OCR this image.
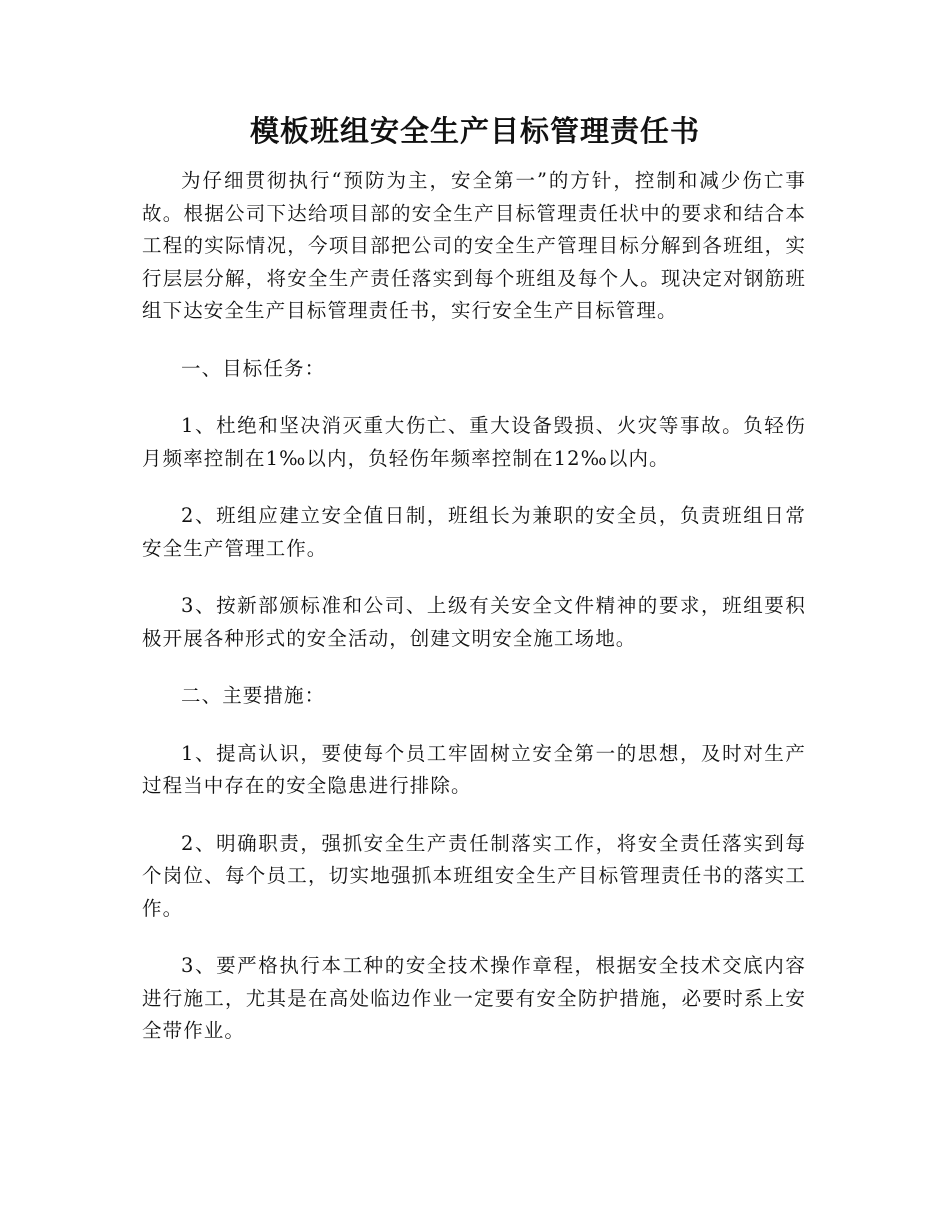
模板班组安全生产目标管理责任书

为仔细贯彻执行“预防为主，安全第一”的方针，控制和减少伤亡事故。根据公司下达给项目部的安全生产目标管理责任状中的要求和结合本工程的实际情况，今项目部把公司的安全生产管理目标分解到各班组，实行层层分解，将安全生产责任落实到每个班组及每个人。现决定对钢筋班组下达安全生产目标管理责任书，实行安全生产目标管理。

一、目标任务：

1、杜绝和坚决消灭重大伤亡、重大设备毁损、火灾等事故。负轻伤月频率控制在1‰以内，负轻伤年频率控制在12‰以内。

2、班组应建立安全值日制，班组长为兼职的安全员，负责班组日常安全生产管理工作。

3、按新部颁标准和公司、上级有关安全文件精神的要求，班组要积极开展各种形式的安全活动，创建文明安全施工场地。

二、主要措施：

1、提高认识，要使每个员工牢固树立安全第一的思想，及时对生产过程当中存在的安全隐患进行排除。

2、明确职责，强抓安全生产责任制落实工作，将安全责任落实到每个岗位、每个员工，切实地强抓本班组安全生产目标管理责任书的落实工作。

3、要严格执行本工种的安全技术操作章程，根据安全技术交底内容进行施工，尤其是在高处临边作业一定要有安全防护措施，必要时系上安全带作业。
